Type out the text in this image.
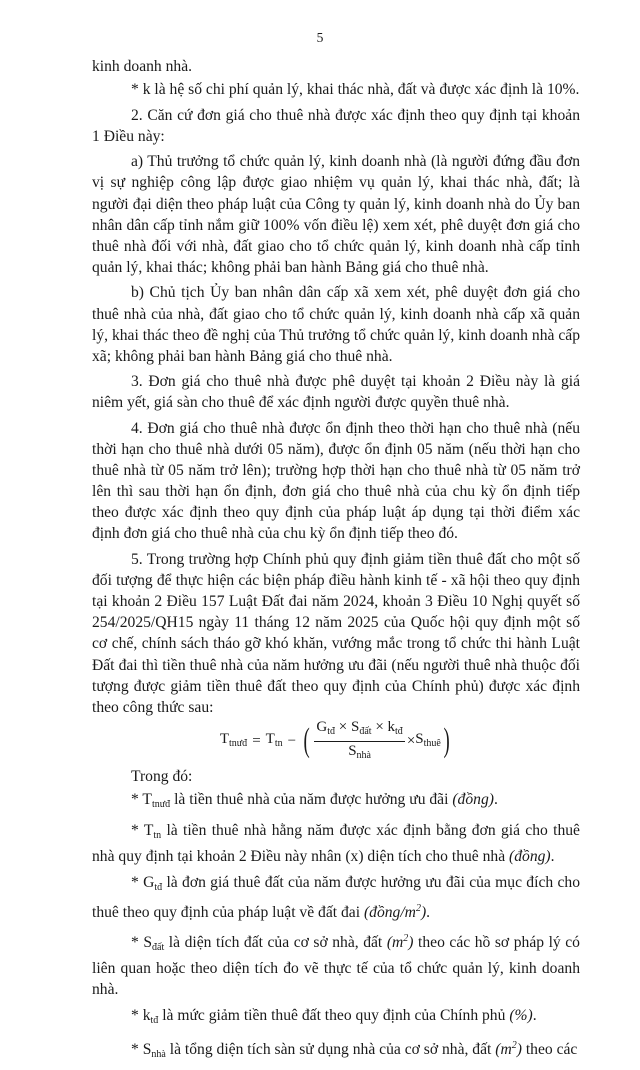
5

kinh doanh nhà.

* k là hệ số chi phí quản lý, khai thác nhà, đất và được xác định là 10%.

2. Căn cứ đơn giá cho thuê nhà được xác định theo quy định tại khoản 1 Điều này:

a) Thủ trưởng tổ chức quản lý, kinh doanh nhà (là người đứng đầu đơn vị sự nghiệp công lập được giao nhiệm vụ quản lý, khai thác nhà, đất; là người đại diện theo pháp luật của Công ty quản lý, kinh doanh nhà do Ủy ban nhân dân cấp tỉnh nắm giữ 100% vốn điều lệ) xem xét, phê duyệt đơn giá cho thuê nhà đối với nhà, đất giao cho tổ chức quản lý, kinh doanh nhà cấp tỉnh quản lý, khai thác; không phải ban hành Bảng giá cho thuê nhà.

b) Chủ tịch Ủy ban nhân dân cấp xã xem xét, phê duyệt đơn giá cho thuê nhà của nhà, đất giao cho tổ chức quản lý, kinh doanh nhà cấp xã quản lý, khai thác theo đề nghị của Thủ trưởng tổ chức quản lý, kinh doanh nhà cấp xã; không phải ban hành Bảng giá cho thuê nhà.

3. Đơn giá cho thuê nhà được phê duyệt tại khoản 2 Điều này là giá niêm yết, giá sàn cho thuê để xác định người được quyền thuê nhà.

4. Đơn giá cho thuê nhà được ổn định theo thời hạn cho thuê nhà (nếu thời hạn cho thuê nhà dưới 05 năm), được ổn định 05 năm (nếu thời hạn cho thuê nhà từ 05 năm trở lên); trường hợp thời hạn cho thuê nhà từ 05 năm trở lên thì sau thời hạn ổn định, đơn giá cho thuê nhà của chu kỳ ổn định tiếp theo được xác định theo quy định của pháp luật áp dụng tại thời điểm xác định đơn giá cho thuê nhà của chu kỳ ổn định tiếp theo đó.

5. Trong trường hợp Chính phủ quy định giảm tiền thuê đất cho một số đối tượng để thực hiện các biện pháp điều hành kinh tế - xã hội theo quy định tại khoản 2 Điều 157 Luật Đất đai năm 2024, khoản 3 Điều 10 Nghị quyết số 254/2025/QH15 ngày 11 tháng 12 năm 2025 của Quốc hội quy định một số cơ chế, chính sách tháo gỡ khó khăn, vướng mắc trong tổ chức thi hành Luật Đất đai thì tiền thuê nhà của năm hưởng ưu đãi (nếu người thuê nhà thuộc đối tượng được giảm tiền thuê đất theo quy định của Chính phủ) được xác định theo công thức sau:

$T_{tnưđ} = T_{tn}$ − ( $\frac{G_{tđ} \times S_{đất} \times k_{tđ}}{S_{nhà}} \times S_{thuê}$ )

Trong đó:

* $T_{tnưđ}$ là tiền thuê nhà của năm được hưởng ưu đãi (đồng).

* $T_{tn}$ là tiền thuê nhà hằng năm được xác định bằng đơn giá cho thuê nhà quy định tại khoản 2 Điều này nhân (x) diện tích cho thuê nhà (đồng).

* $G_{tđ}$ là đơn giá thuê đất của năm được hưởng ưu đãi của mục đích cho thuê theo quy định của pháp luật về đất đai $(đồng/m^2)$.

* $S_{đất}$ là diện tích đất của cơ sở nhà, đất $(m^2)$ theo các hồ sơ pháp lý có liên quan hoặc theo diện tích đo vẽ thực tế của tổ chức quản lý, kinh doanh nhà.

* $k_{tđ}$ là mức giảm tiền thuê đất theo quy định của Chính phủ (%).

* $S_{nhà}$ là tổng diện tích sàn sử dụng nhà của cơ sở nhà, đất $(m^2)$ theo các
